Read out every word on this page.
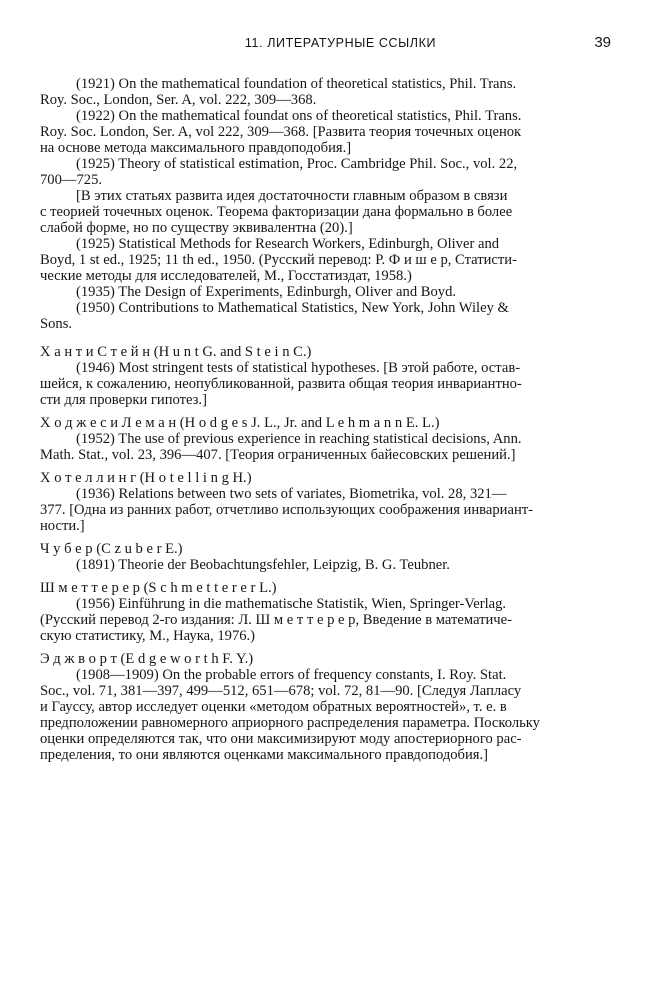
11. ЛИТЕРАТУРНЫЕ ССЫЛКИ	39
(1921) On the mathematical foundation of theoretical statistics, Phil. Trans.
Roy. Soc., London, Ser. A, vol. 222, 309—368.
(1922) On the mathematical foundat ons of theoretical statistics, Phil. Trans.
Roy. Soc. London, Ser. A, vol 222, 309—368. [Развита теория точечных оценок
на основе метода максимального правдоподобия.]
(1925) Theory of statistical estimation, Proc. Cambridge Phil. Soc., vol. 22,
700—725.
[В этих статьях развита идея достаточности главным образом в связи
с теорией точечных оценок. Теорема факторизации дана формально в более
слабой форме, но по существу эквивалентна (20).]
(1925) Statistical Methods for Research Workers, Edinburgh, Oliver and
Boyd, 1 st ed., 1925; 11 th ed., 1950. (Русский перевод: Р. Ф и ш е р, Статисти-
ческие методы для исследователей, М., Госстатиздат, 1958.)
(1935) The Design of Experiments, Edinburgh, Oliver and Boyd.
(1950) Contributions to Mathematical Statistics, New York, John Wiley &
Sons.
Х а н т и С т е й н (H u n t G. and S t e i n C.)
(1946) Most stringent tests of statistical hypotheses. [В этой работе, остав-
шейся, к сожалению, неопубликованной, развита общая теория инвариантно-
сти для проверки гипотез.]
Х о д ж е с и Л е м а н (H o d g e s J. L., Jr. and L e h m a n n E. L.)
(1952) The use of previous experience in reaching statistical decisions, Ann.
Math. Stat., vol. 23, 396—407. [Теория ограниченных байесовских решений.]
Х о т е л л и н г (H o t e l l i n g H.)
(1936) Relations between two sets of variates, Biometrika, vol. 28, 321—
377. [Одна из ранних работ, отчетливо использующих соображения инвариант-
ности.]
Ч у б е р (C z u b e r E.)
(1891) Theorie der Beobachtungsfehler, Leipzig, B. G. Teubner.
Ш м е т т е р е р (S c h m e t t e r e r L.)
(1956) Einführung in die mathematische Statistik, Wien, Springer-Verlag.
(Русский перевод 2-го издания: Л. Ш м е т т е р е р, Введение в математиче-
скую статистику, М., Наука, 1976.)
Э д ж в о р т (E d g e w o r t h F. Y.)
(1908—1909) On the probable errors of frequency constants, I. Roy. Stat.
Soc., vol. 71, 381—397, 499—512, 651—678; vol. 72, 81—90. [Следуя Лапласу
и Гауссу, автор исследует оценки «методом обратных вероятностей», т. е. в
предположении равномерного априорного распределения параметра. Поскольку
оценки определяются так, что они максимизируют моду апостериорного рас-
пределения, то они являются оценками максимального правдоподобия.]
